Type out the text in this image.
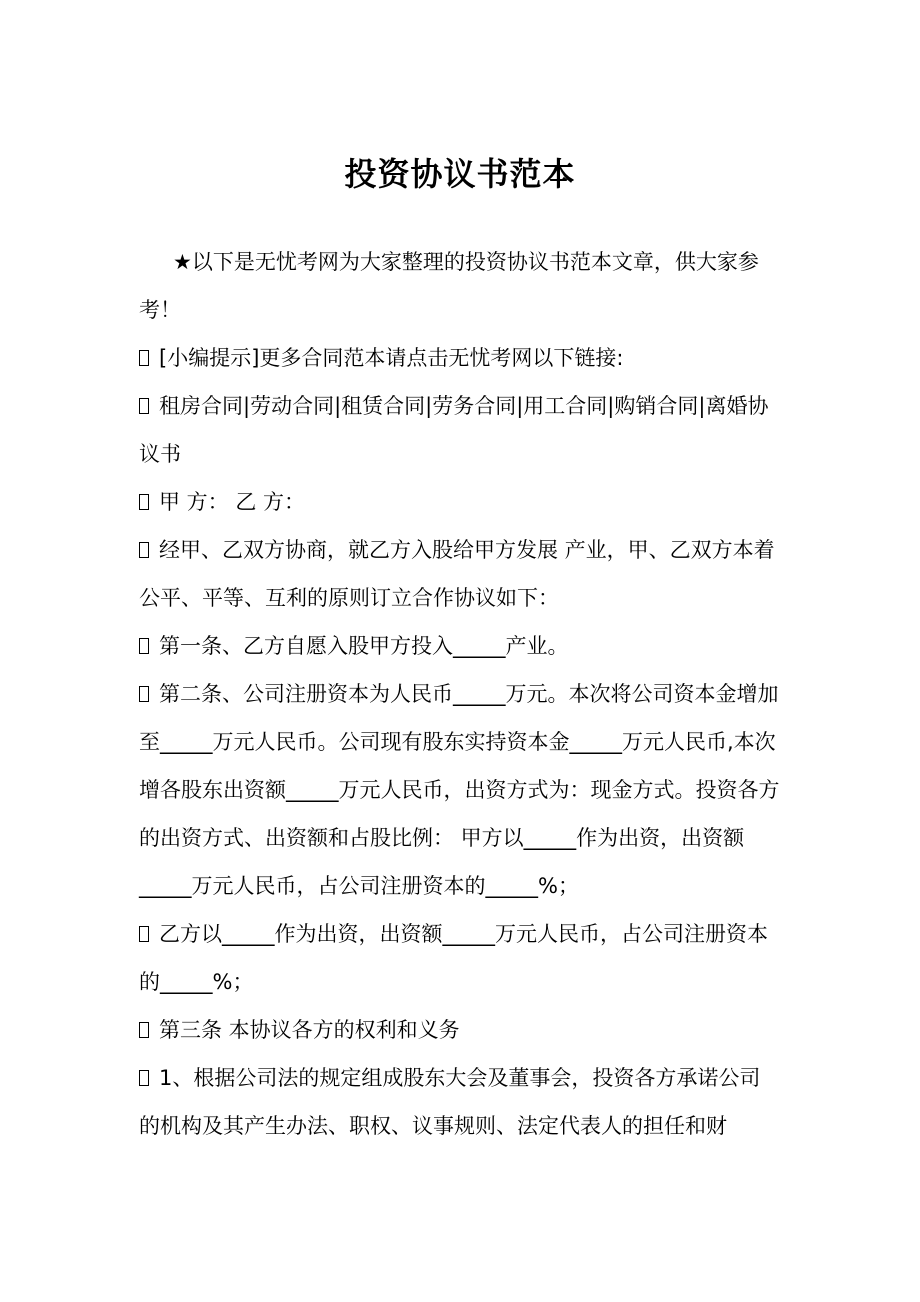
投资协议书范本

★以下是无忧考网为大家整理的投资协议书范本文章，供大家参考！

[小编提示]更多合同范本请点击无忧考网以下链接:

租房合同|劳动合同|租赁合同|劳务合同|用工合同|购销合同|离婚协议书

甲 方： 乙 方：

经甲、乙双方协商，就乙方入股给甲方发展 产业，甲、乙双方本着公平、平等、互利的原则订立合作协议如下：

第一条、乙方自愿入股甲方投入_____产业。

第二条、公司注册资本为人民币_____万元。本次将公司资本金增加至_____万元人民币。公司现有股东实持资本金_____万元人民币,本次增各股东出资额_____万元人民币，出资方式为：现金方式。投资各方的出资方式、出资额和占股比例： 甲方以_____作为出资，出资额_____万元人民币，占公司注册资本的_____%；

乙方以_____作为出资，出资额_____万元人民币，占公司注册资本的_____%；

第三条 本协议各方的权利和义务

1、根据公司法的规定组成股东大会及董事会，投资各方承诺公司的机构及其产生办法、职权、议事规则、法定代表人的担任和财
